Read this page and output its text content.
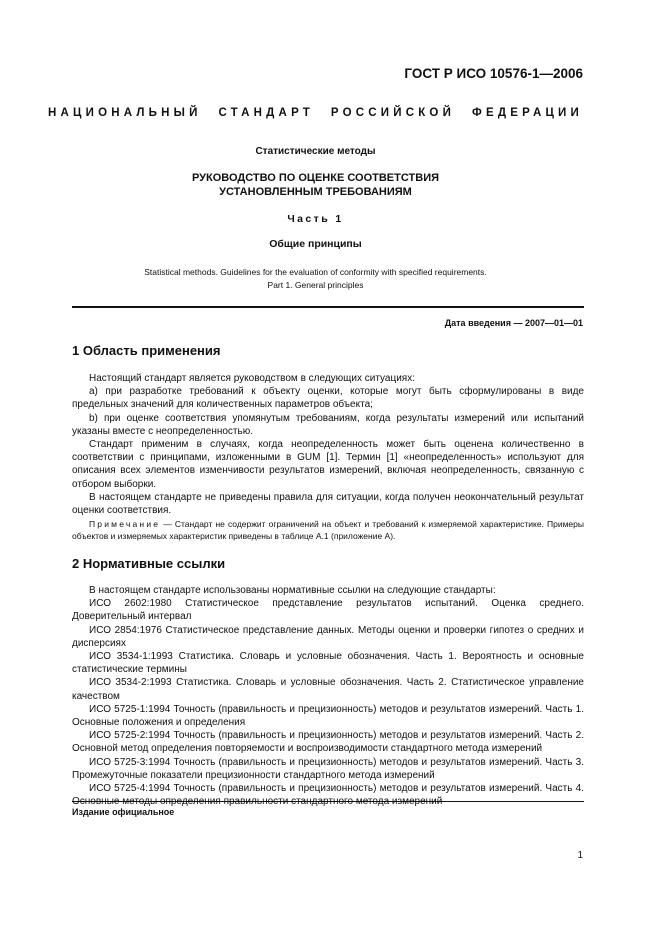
ГОСТ Р ИСО 10576-1—2006
НАЦИОНАЛЬНЫЙ СТАНДАРТ РОССИЙСКОЙ ФЕДЕРАЦИИ
Статистические методы
РУКОВОДСТВО ПО ОЦЕНКЕ СООТВЕТСТВИЯ
УСТАНОВЛЕННЫМ ТРЕБОВАНИЯМ
Часть 1
Общие принципы
Statistical methods. Guidelines for the evaluation of conformity with specified requirements.
Part 1. General principles
Дата введения — 2007—01—01
1 Область применения

Настоящий стандарт является руководством в следующих ситуациях:

a) при разработке требований к объекту оценки, которые могут быть сформулированы в виде предельных значений для количественных параметров объекта;

b) при оценке соответствия упомянутым требованиям, когда результаты измерений или испытаний указаны вместе с неопределенностью.

Стандарт применим в случаях, когда неопределенность может быть оценена количественно в соответствии с принципами, изложенными в GUM [1]. Термин [1] «неопределенность» используют для описания всех элементов изменчивости результатов измерений, включая неопределенность, связанную с отбором выборки.

В настоящем стандарте не приведены правила для ситуации, когда получен неокончательный результат оценки соответствия.

Примечание — Стандарт не содержит ограничений на объект и требований к измеряемой характеристике. Примеры объектов и измеряемых характеристик приведены в таблице А.1 (приложение А).
2 Нормативные ссылки

В настоящем стандарте использованы нормативные ссылки на следующие стандарты:

ИСО 2602:1980 Статистическое представление результатов испытаний. Оценка среднего. Доверительный интервал

ИСО 2854:1976 Статистическое представление данных. Методы оценки и проверки гипотез о средних и дисперсиях

ИСО 3534-1:1993 Статистика. Словарь и условные обозначения. Часть 1. Вероятность и основные статистические термины

ИСО 3534-2:1993 Статистика. Словарь и условные обозначения. Часть 2. Статистическое управление качеством

ИСО 5725-1:1994 Точность (правильность и прецизионность) методов и результатов измерений. Часть 1. Основные положения и определения

ИСО 5725-2:1994 Точность (правильность и прецизионность) методов и результатов измерений. Часть 2. Основной метод определения повторяемости и воспроизводимости стандартного метода измерений

ИСО 5725-3:1994 Точность (правильность и прецизионность) методов и результатов измерений. Часть 3. Промежуточные показатели прецизионности стандартного метода измерений

ИСО 5725-4:1994 Точность (правильность и прецизионность) методов и результатов измерений. Часть 4. Основные методы определения правильности стандартного метода измерений

Издание официальное
1
